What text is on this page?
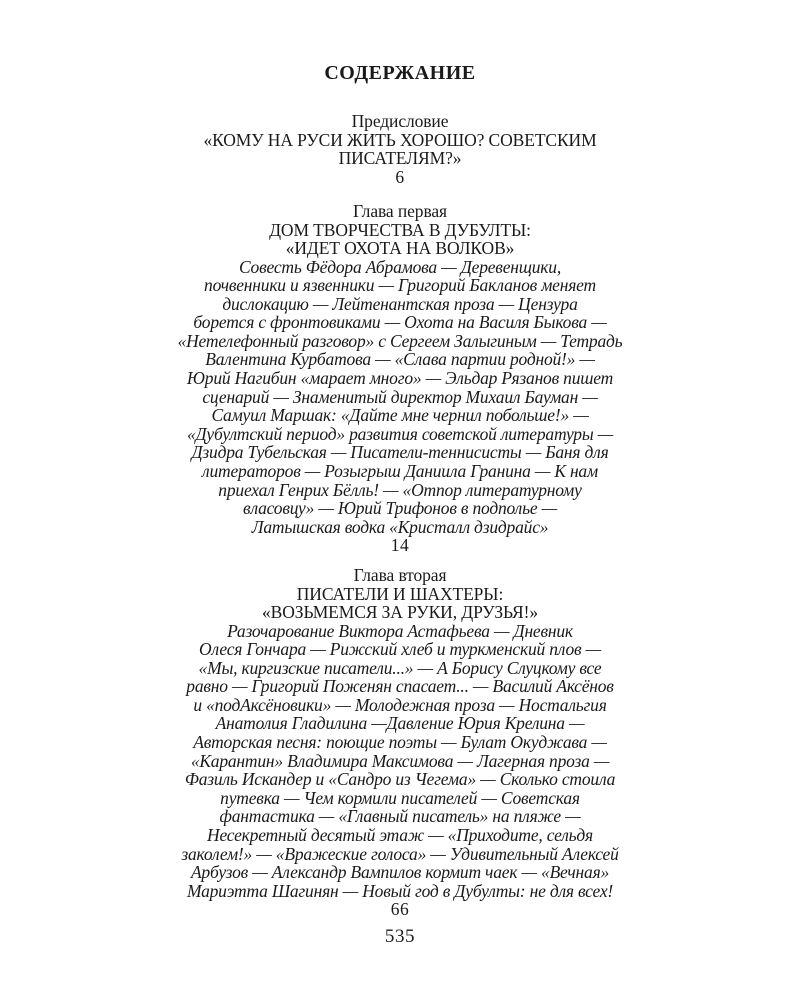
СОДЕРЖАНИЕ
Предисловие
«КОМУ НА РУСИ ЖИТЬ ХОРОШО? СОВЕТСКИМ
ПИСАТЕЛЯМ?»
6
Глава первая
ДОМ ТВОРЧЕСТВА В ДУБУЛТЫ:
«ИДЕТ ОХОТА НА ВОЛКОВ»
Совесть Фёдора Абрамова — Деревенщики,
почвенники и язвенники — Григорий Бакланов меняет
дислокацию — Лейтенантская проза — Цензура
борется с фронтовиками — Охота на Василя Быкова —
«Нетелефонный разговор» с Сергеем Залыгиным — Тетрадь
Валентина Курбатова — «Слава партии родной!» —
Юрий Нагибин «марает много» — Эльдар Рязанов пишет
сценарий — Знаменитый директор Михаил Бауман —
Самуил Маршак: «Дайте мне чернил побольше!» —
«Дубултский период» развития советской литературы —
Дзидра Тубельская — Писатели-теннисисты — Баня для
литераторов — Розыгрыш Даниила Гранина — К нам
приехал Генрих Бёлль! — «Отпор литературному
власовцу» — Юрий Трифонов в подполье —
Латышская водка «Кристалл дзидрайс»
14
Глава вторая
ПИСАТЕЛИ И ШАХТЕРЫ:
«ВОЗЬМЕМСЯ ЗА РУКИ, ДРУЗЬЯ!»
Разочарование Виктора Астафьева — Дневник
Олеся Гончара — Рижский хлеб и туркменский плов —
«Мы, киргизские писатели...» — А Борису Слуцкому все
равно — Григорий Поженян спасает... — Василий Аксёнов
и «подАксёновики» — Молодежная проза — Ностальгия
Анатолия Гладилина —Давление Юрия Крелина —
Авторская песня: поющие поэты — Булат Окуджава —
«Карантин» Владимира Максимова — Лагерная проза —
Фазиль Искандер и «Сандро из Чегема» — Сколько стоила
путевка — Чем кормили писателей — Советская
фантастика — «Главный писатель» на пляже —
Несекретный десятый этаж — «Приходите, сельдя
заколем!» — «Вражеские голоса» — Удивительный Алексей
Арбузов — Александр Вампилов кормит чаек — «Вечная»
Мариэтта Шагинян — Новый год в Дубулты: не для всех!
66
535
